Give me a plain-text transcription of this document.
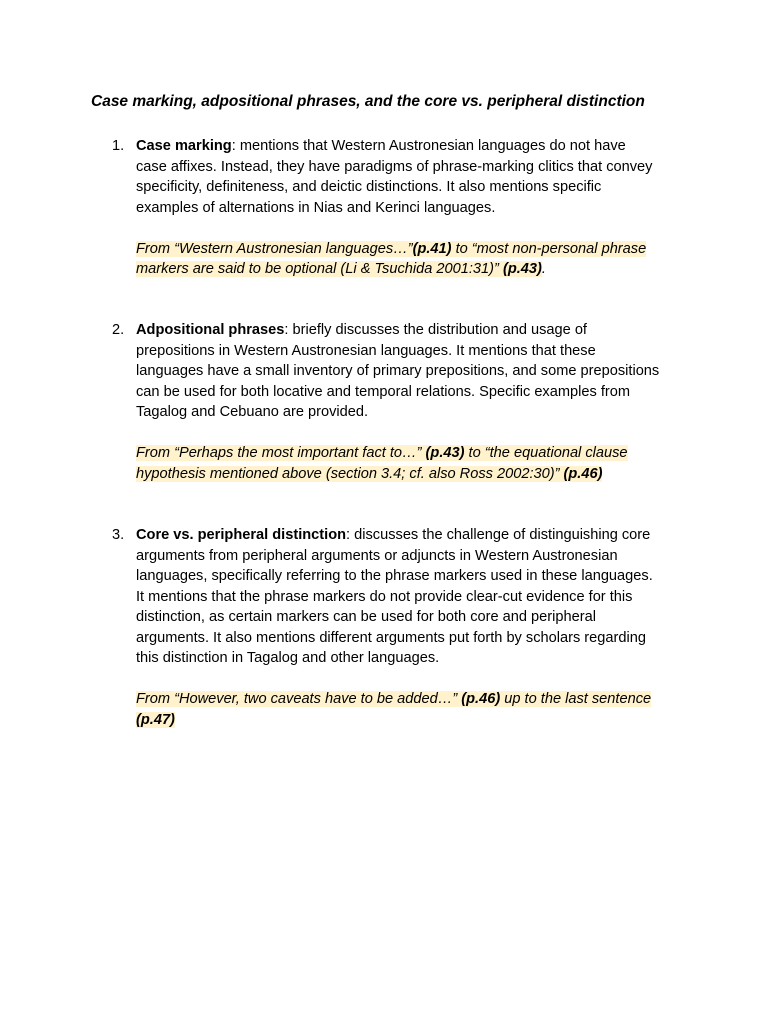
Case marking, adpositional phrases, and the core vs. peripheral distinction
1. Case marking: mentions that Western Austronesian languages do not have
case affixes. Instead, they have paradigms of phrase-marking clitics that convey
specificity, definiteness, and deictic distinctions. It also mentions specific
examples of alternations in Nias and Kerinci languages.

From “Western Austronesian languages…”(p.41) to “most non-personal phrase
markers are said to be optional (Li & Tsuchida 2001:31)” (p.43).

2. Adpositional phrases: briefly discusses the distribution and usage of
prepositions in Western Austronesian languages. It mentions that these
languages have a small inventory of primary prepositions, and some prepositions
can be used for both locative and temporal relations. Specific examples from
Tagalog and Cebuano are provided.

From “Perhaps the most important fact to…” (p.43) to “the equational clause
hypothesis mentioned above (section 3.4; cf. also Ross 2002:30)” (p.46)

3. Core vs. peripheral distinction: discusses the challenge of distinguishing core
arguments from peripheral arguments or adjuncts in Western Austronesian
languages, specifically referring to the phrase markers used in these languages.
It mentions that the phrase markers do not provide clear-cut evidence for this
distinction, as certain markers can be used for both core and peripheral
arguments. It also mentions different arguments put forth by scholars regarding
this distinction in Tagalog and other languages.

From “However, two caveats have to be added…” (p.46) up to the last sentence
(p.47)
